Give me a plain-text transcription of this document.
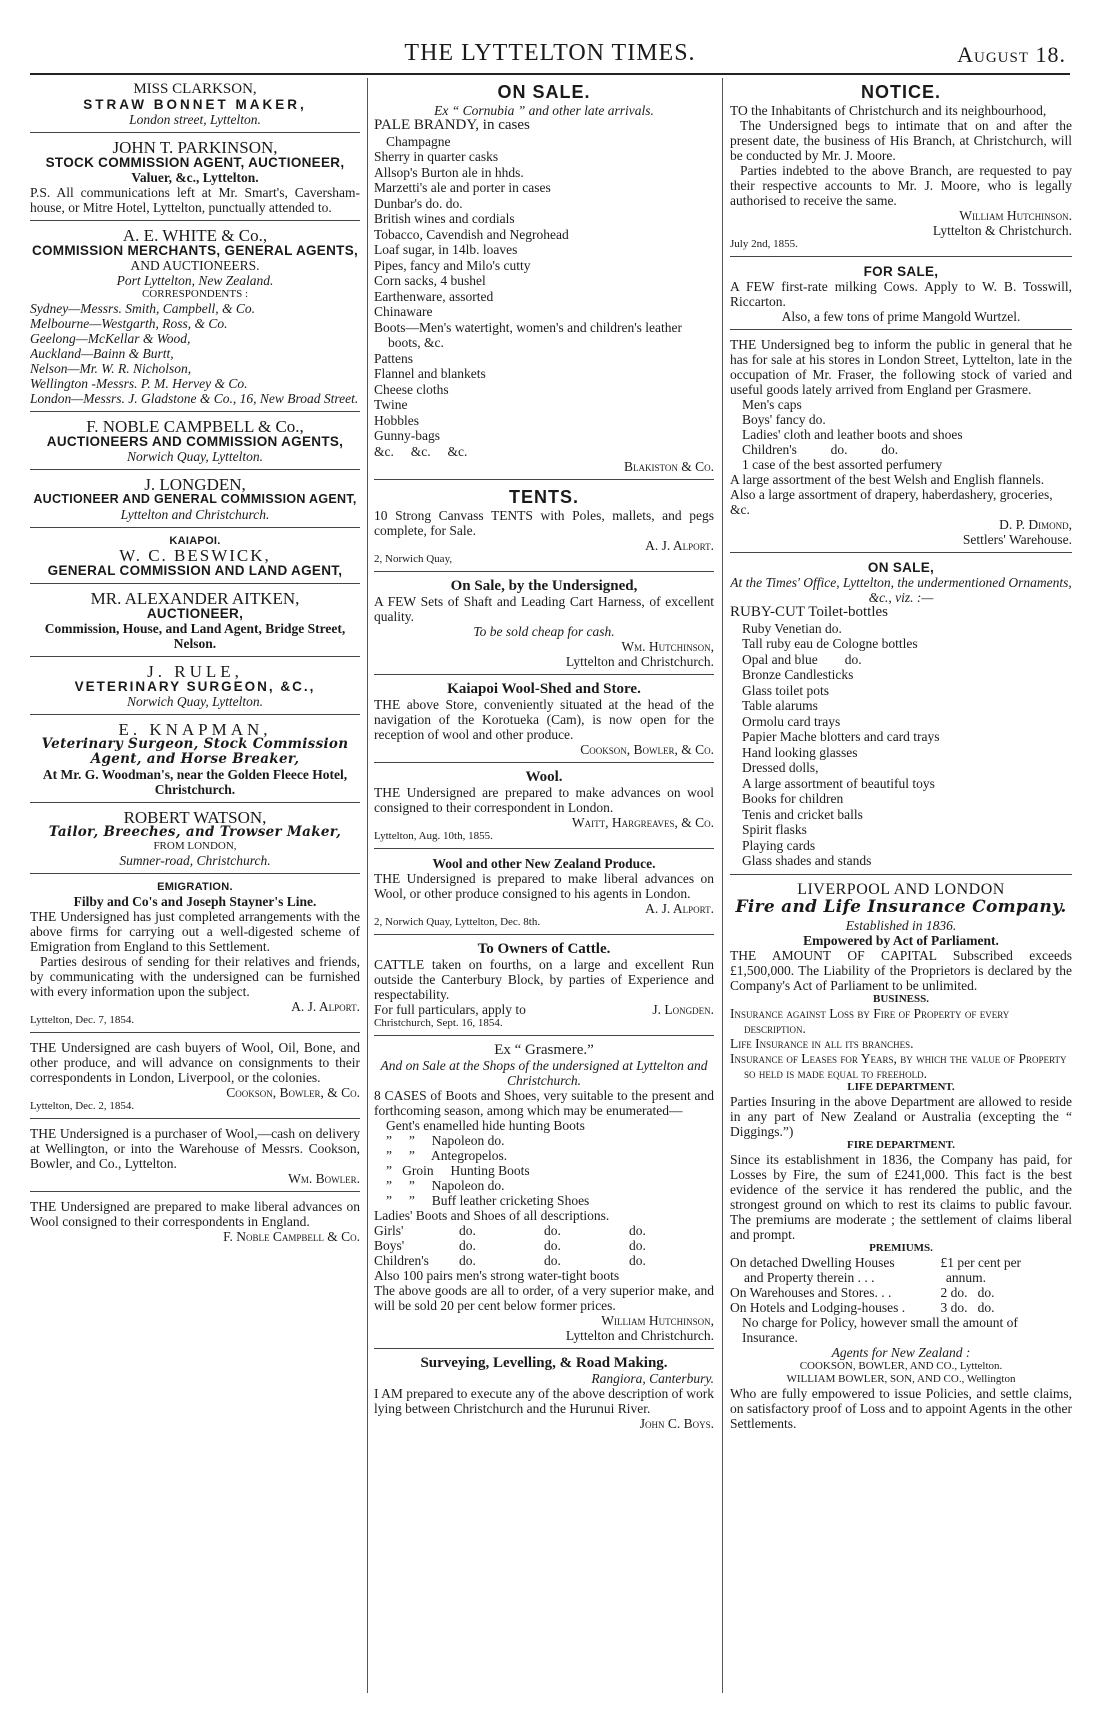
THE LYTTELTON TIMES.	August 18.
MISS CLARKSON,
STRAW BONNET MAKER,
London street, Lyttelton.
JOHN T. PARKINSON,
STOCK COMMISSION AGENT, AUCTIONEER,
Valuer, &c., Lyttelton.
P.S. All communications left at Mr. Smart's, Caversham-house, or Mitre Hotel, Lyttelton, punctually attended to.
A. E. WHITE & Co.,
COMMISSION MERCHANTS, GENERAL AGENTS,
AND AUCTIONEERS.
Port Lyttelton, New Zealand.
CORRESPONDENTS :
Sydney—Messrs. Smith, Campbell, & Co.
Melbourne—Westgarth, Ross, & Co.
Geelong—McKellar & Wood,
Auckland—Bainn & Burtt,
Nelson—Mr. W. R. Nicholson,
Wellington -Messrs. P. M. Hervey & Co.
London—Messrs. J. Gladstone & Co., 16, New Broad Street.
F. NOBLE CAMPBELL & Co.,
AUCTIONEERS AND COMMISSION AGENTS,
Norwich Quay, Lyttelton.
J. LONGDEN,
AUCTIONEER AND GENERAL COMMISSION AGENT,
Lyttelton and Christchurch.
KAIAPOI.
W. C. BESWICK,
GENERAL COMMISSION AND LAND AGENT,
MR. ALEXANDER AITKEN,
AUCTIONEER,
Commission, House, and Land Agent, Bridge Street, Nelson.
J. RULE,
VETERINARY SURGEON, &C.,
Norwich Quay, Lyttelton.
E. KNAPMAN,
Veterinary Surgeon, Stock Commission Agent, and Horse Breaker,
At Mr. G. Woodman's, near the Golden Fleece Hotel, Christchurch.
ROBERT WATSON,
Tailor, Breeches, and Trowser Maker,
FROM LONDON,
Sumner-road, Christchurch.
EMIGRATION.
Filby and Co's and Joseph Stayner's Line.
THE Undersigned has just completed arrangements with the above firms for carrying out a well-digested scheme of Emigration from England to this Settlement.
Parties desirous of sending for their relatives and friends, by communicating with the undersigned can be furnished with every information upon the subject.
A. J. Alport.
Lyttelton, Dec. 7, 1854.
THE Undersigned are cash buyers of Wool, Oil, Bone, and other produce, and will advance on consignments to their correspondents in London, Liverpool, or the colonies.
Cookson, Bowler, & Co.
Lyttelton, Dec. 2, 1854.
THE Undersigned is a purchaser of Wool,—cash on delivery at Wellington, or into the Warehouse of Messrs. Cookson, Bowler, and Co., Lyttelton.
Wm. Bowler.
THE Undersigned are prepared to make liberal advances on Wool consigned to their correspondents in England.
F. Noble Campbell & Co.
ON SALE.
Ex “ Cornubia ” and other late arrivals.
PALE BRANDY, in cases
Champagne
Sherry in quarter casks
Allsop's Burton ale in hhds.
Marzetti's ale and porter in cases
Dunbar's do. do.
British wines and cordials
Tobacco, Cavendish and Negrohead
Loaf sugar, in 14lb. loaves
Pipes, fancy and Milo's cutty
Corn sacks, 4 bushel
Earthenware, assorted
Chinaware
Boots—Men's watertight, women's and children's leather boots, &c.
Pattens
Flannel and blankets
Cheese cloths
Twine
Hobbles
Gunny-bags
&c.     &c.     &c.
Blakiston & Co.
TENTS.
10 Strong Canvass TENTS with Poles, mallets, and pegs complete, for Sale.
A. J. Alport.
2, Norwich Quay,
On Sale, by the Undersigned,
A FEW Sets of Shaft and Leading Cart Harness, of excellent quality.
To be sold cheap for cash.
Wm. Hutchinson,
Lyttelton and Christchurch.
Kaiapoi Wool-Shed and Store.
THE above Store, conveniently situated at the head of the navigation of the Korotueka (Cam), is now open for the reception of wool and other produce.
Cookson, Bowler, & Co.
Wool.
THE Undersigned are prepared to make advances on wool consigned to their correspondent in London.
Waitt, Hargreaves, & Co.
Lyttelton, Aug. 10th, 1855.
Wool and other New Zealand Produce.
THE Undersigned is prepared to make liberal advances on Wool, or other produce consigned to his agents in London.
A. J. Alport.
2, Norwich Quay, Lyttelton, Dec. 8th.
To Owners of Cattle.
CATTLE taken on fourths, on a large and excellent Run outside the Canterbury Block, by parties of Experience and respectability.
For full particulars, apply to	J. Longden.
Christchurch, Sept. 16, 1854.
Ex “ Grasmere.”
And on Sale at the Shops of the undersigned at Lyttelton and Christchurch.
8 CASES of Boots and Shoes, very suitable to the present and forthcoming season, among which may be enumerated—
Gent's enamelled hide hunting Boots
”     ”     Napoleon do.
”     ”     Antegropelos.
”   Groin     Hunting Boots
”     ”     Napoleon do.
”     ”     Buff leather cricketing Shoes
Ladies' Boots and Shoes of all descriptions.
Girls'	do.	do.	do.
Boys'	do.	do.	do.
Children's	do.	do.	do.
Also 100 pairs men's strong water-tight boots
The above goods are all to order, of a very superior make, and will be sold 20 per cent below former prices.
William Hutchinson,
Lyttelton and Christchurch.
Surveying, Levelling, & Road Making.
Rangiora, Canterbury.
I AM prepared to execute any of the above description of work lying between Christchurch and the Hurunui River.
John C. Boys.
NOTICE.
TO the Inhabitants of Christchurch and its neighbourhood,
The Undersigned begs to intimate that on and after the present date, the business of His Branch, at Christchurch, will be conducted by Mr. J. Moore.
Parties indebted to the above Branch, are requested to pay their respective accounts to Mr. J. Moore, who is legally authorised to receive the same.
William Hutchinson.
Lyttelton & Christchurch.
July 2nd, 1855.
FOR SALE,
A FEW first-rate milking Cows. Apply to W. B. Tosswill, Riccarton.
Also, a few tons of prime Mangold Wurtzel.
THE Undersigned beg to inform the public in general that he has for sale at his stores in London Street, Lyttelton, late in the occupation of Mr. Fraser, the following stock of varied and useful goods lately arrived from England per Grasmere.
Men's caps
Boys' fancy do.
Ladies' cloth and leather boots and shoes
Children's          do.          do.
1 case of the best assorted perfumery
A large assortment of the best Welsh and English flannels.
Also a large assortment of drapery, haberdashery, groceries, &c.
D. P. Dimond,
Settlers' Warehouse.
ON SALE,
At the Times' Office, Lyttelton, the undermentioned Ornaments, &c., viz. :—
RUBY-CUT Toilet-bottles
Ruby Venetian do.
Tall ruby eau de Cologne bottles
Opal and blue        do.
Bronze Candlesticks
Glass toilet pots
Table alarums
Ormolu card trays
Papier Mache blotters and card trays
Hand looking glasses
Dressed dolls,
A large assortment of beautiful toys
Books for children
Tenis and cricket balls
Spirit flasks
Playing cards
Glass shades and stands
LIVERPOOL AND LONDON
Fire and Life Insurance Company.
Established in 1836.
Empowered by Act of Parliament.
THE AMOUNT OF CAPITAL Subscribed exceeds £1,500,000. The Liability of the Proprietors is declared by the Company's Act of Parliament to be unlimited.
BUSINESS.
Insurance against Loss by Fire of Property of every description.
Life Insurance in all its branches.
Insurance of Leases for Years, by which the value of Property so held is made equal to freehold.
LIFE DEPARTMENT.
Parties Insuring in the above Department are allowed to reside in any part of New Zealand or Australia (excepting the “ Diggings.”)
FIRE DEPARTMENT.
Since its establishment in 1836, the Company has paid, for Losses by Fire, the sum of £241,000. This fact is the best evidence of the service it has rendered the public, and the strongest ground on which to rest its claims to public favour. The premiums are moderate ; the settlement of claims liberal and prompt.
PREMIUMS.
On detached Dwelling Houses	£1 per cent per
and Property therein . . .	annum.
On Warehouses and Stores. . .	2 do.   do.
On Hotels and Lodging-houses .	3 do.   do.
No charge for Policy, however small the amount of Insurance.
Agents for New Zealand :
COOKSON, BOWLER, AND CO., Lyttelton.
WILLIAM BOWLER, SON, AND CO., Wellington
Who are fully empowered to issue Policies, and settle claims, on satisfactory proof of Loss and to appoint Agents in the other Settlements.
